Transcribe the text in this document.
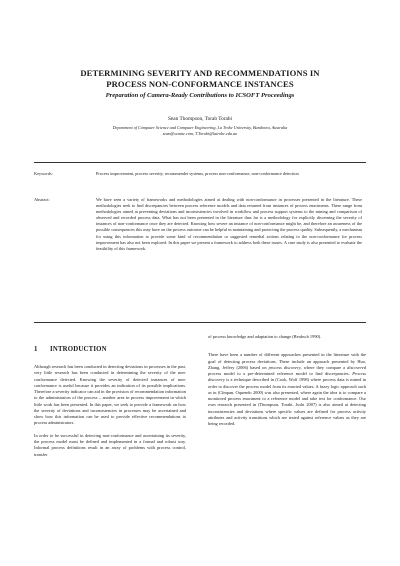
DETERMINING SEVERITY AND RECOMMENDATIONS IN
PROCESS NON-CONFORMANCE INSTANCES
Preparation of Camera-Ready Contributions to ICSOFT Proceedings
Sean Thompson, Torab Torabi
Department of Computer Science and Computer Engineering, La Trobe University, Bundoora, Australia
sean@seante.com, T.Torabi@latrobe.edu.au
Keywords:	Process improvement, process severity, recommender systems, process non-conformance, non-conformance detection
Abstract:	We have seen a variety of frameworks and methodologies aimed at dealing with non-conformance in processes presented in the literature. These methodologies seek to find discrepancies between process reference models and data returned from instances of process enactments. These range from methodologies aimed at preventing deviations and inconsistencies involved in workflow and process support systems to the mining and comparison of observed and recorded process data. What has not been presented in the literature thus far is a methodology for explicitly discerning the severity of instances of non-conformance once they are detected. Knowing how severe an instance of non-conformance might be, and therefore an awareness of the possible consequences this may have on the process outcome can be helpful in maintaining and protecting the process quality. Subsequently, a mechanism for using this information to provide some kind of recommendation or suggested remedial actions relating to the non-conformance for process improvement has also not been explored. In this paper we present a framework to address both these issues. A case study is also presented to evaluate the feasibility of this framework.
1 INTRODUCTION

Although research has been conducted in detecting deviations in processes in the past, very little research has been conducted in determining the severity of the non-conformance detected. Knowing the severity of detected instances of non-conformance is useful because it provides an indication of its possible implications. Therefore a severity indicator can aid in the provision of recommendation information to the administrators of the process – another area in process improvement in which little work has been presented. In this paper, we seek to provide a framework on how the severity of deviations and inconsistencies in processes may be ascertained and show how this information can be used to provide effective recommendations to process administrators.

In order to be successful in detecting non-conformance and ascertaining its severity, the process model must be defined and implemented in a formal and robust way. Informal process definitions result in an array of problems with process control, transfer

of process knowledge and adaptation to change (Reubsch 1990).

There have been a number of different approaches presented in the literature with the goal of detecting process deviations. These include an approach presented by Huo, Zhang, Jeffery (2006) based on process discovery, where they compare a discovered process model to a pre-determined reference model to find discrepancies. Process discovery is a technique described in (Cook, Wolf 1998) where process data is mined in order to discover the process model from its enacted values. A fuzzy logic approach such as in (Cîmpan, Oquendo 2000) was also presented, where again the idea is to compare a monitored process enactment to a reference model and take test for conformance. Our own research presented in (Thompson, Torabi, Joshi 2007) is also aimed at detecting inconsistencies and deviations where specific values are defined for process activity attributes and activity transitions which are tested against reference values as they are being recorded.
